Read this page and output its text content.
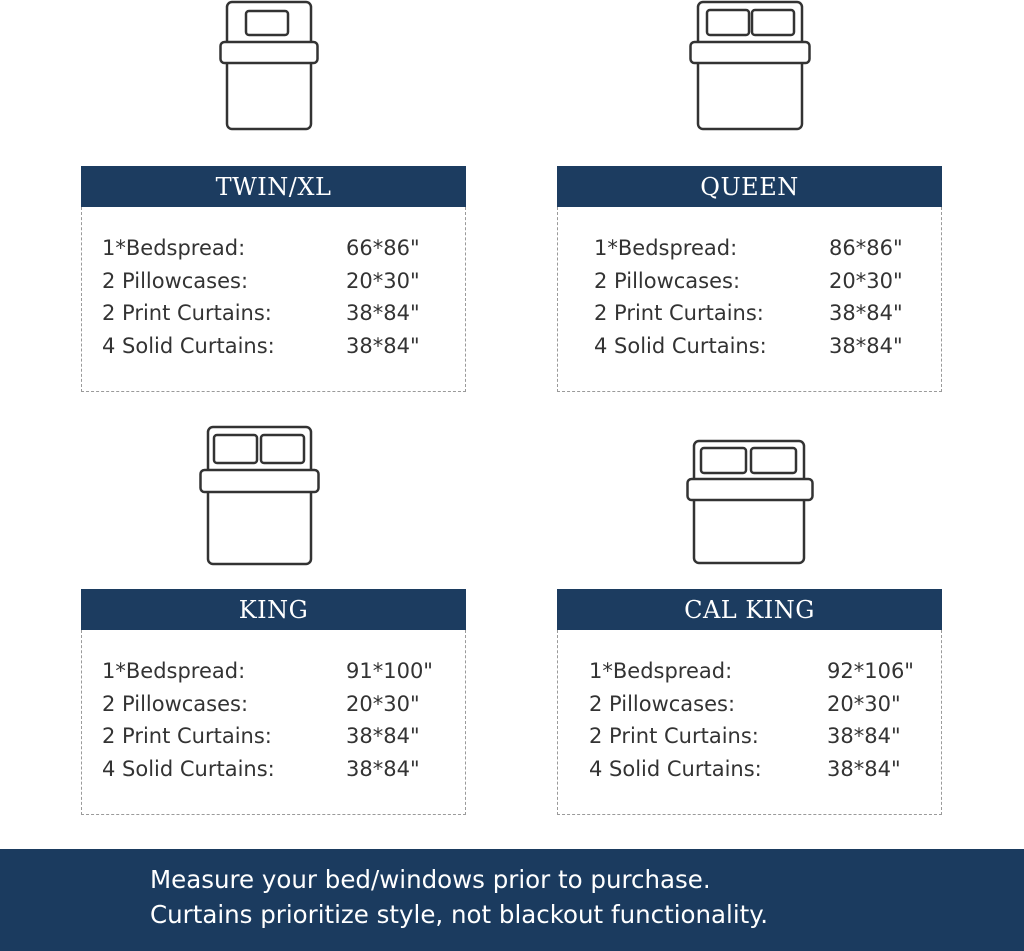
TWIN/XL
1*Bedspread:	66*86"
2 Pillowcases:	20*30"
2 Print Curtains:	38*84"
4 Solid Curtains:	38*84"
QUEEN
1*Bedspread:	86*86"
2 Pillowcases:	20*30"
2 Print Curtains:	38*84"
4 Solid Curtains:	38*84"
KING
1*Bedspread:	91*100"
2 Pillowcases:	20*30"
2 Print Curtains:	38*84"
4 Solid Curtains:	38*84"
CAL KING
1*Bedspread:	92*106"
2 Pillowcases:	20*30"
2 Print Curtains:	38*84"
4 Solid Curtains:	38*84"
Measure your bed/windows prior to purchase.
Curtains prioritize style, not blackout functionality.
